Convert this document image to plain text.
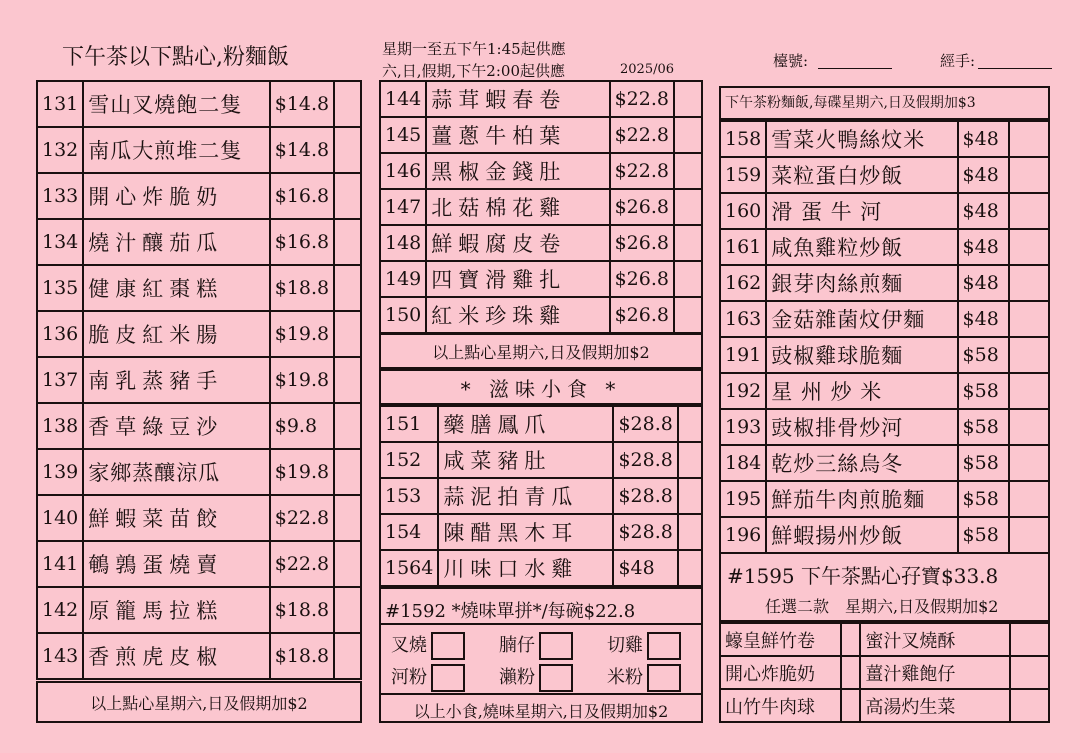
下午茶以下點心,粉麵飯	星期一至五下午1:45起供應
六,日,假期,下午2:00起供應	2025/06	檯號:	經手:
131	雪山叉燒飽二隻	$14.8	
132	南瓜大煎堆二隻	$14.8	
133	開心炸脆奶	$16.8	
134	燒汁釀茄瓜	$16.8	
135	健康紅棗糕	$18.8	
136	脆皮紅米腸	$19.8	
137	南乳蒸豬手	$19.8	
138	香草綠豆沙	$9.8	
139	家鄉蒸釀涼瓜	$19.8	
140	鮮蝦菜苗餃	$22.8	
141	鵪鶉蛋燒賣	$22.8	
142	原籠馬拉糕	$18.8	
143	香煎虎皮椒	$18.8	
以上點心星期六,日及假期加$2
144	蒜茸蝦春卷	$22.8	
145	薑蔥牛柏葉	$22.8	
146	黑椒金錢肚	$22.8	
147	北菇棉花雞	$26.8	
148	鮮蝦腐皮卷	$26.8	
149	四寶滑雞扎	$26.8	
150	紅米珍珠雞	$26.8	
以上點心星期六,日及假期加$2
* 滋味小食 *
151	藥膳鳳爪	$28.8	
152	咸菜豬肚	$28.8	
153	蒜泥拍青瓜	$28.8	
154	陳醋黑木耳	$28.8	
1564	川味口水雞	$48	
#1592 *燒味單拼*/每碗$22.8
叉燒	腩仔	切雞
河粉	瀨粉	米粉
以上小食,燒味星期六,日及假期加$2
下午茶粉麵飯,每碟星期六,日及假期加$3
158	雪菜火鴨絲炆米	$48	
159	菜粒蛋白炒飯	$48	
160	滑 蛋 牛 河	$48	
161	咸魚雞粒炒飯	$48	
162	銀芽肉絲煎麵	$48	
163	金菇雜菌炆伊麵	$48	
191	豉椒雞球脆麵	$58	
192	星 州 炒 米	$58	
193	豉椒排骨炒河	$58	
184	乾炒三絲烏冬	$58	
195	鮮茄牛肉煎脆麵	$58	
196	鮮蝦揚州炒飯	$58	
#1595 下午茶點心孖寶$33.8
任選二款　星期六,日及假期加$2
蠔皇鮮竹卷		蜜汁叉燒酥	
開心炸脆奶		薑汁雞飽仔	
山竹牛肉球		高湯灼生菜	
